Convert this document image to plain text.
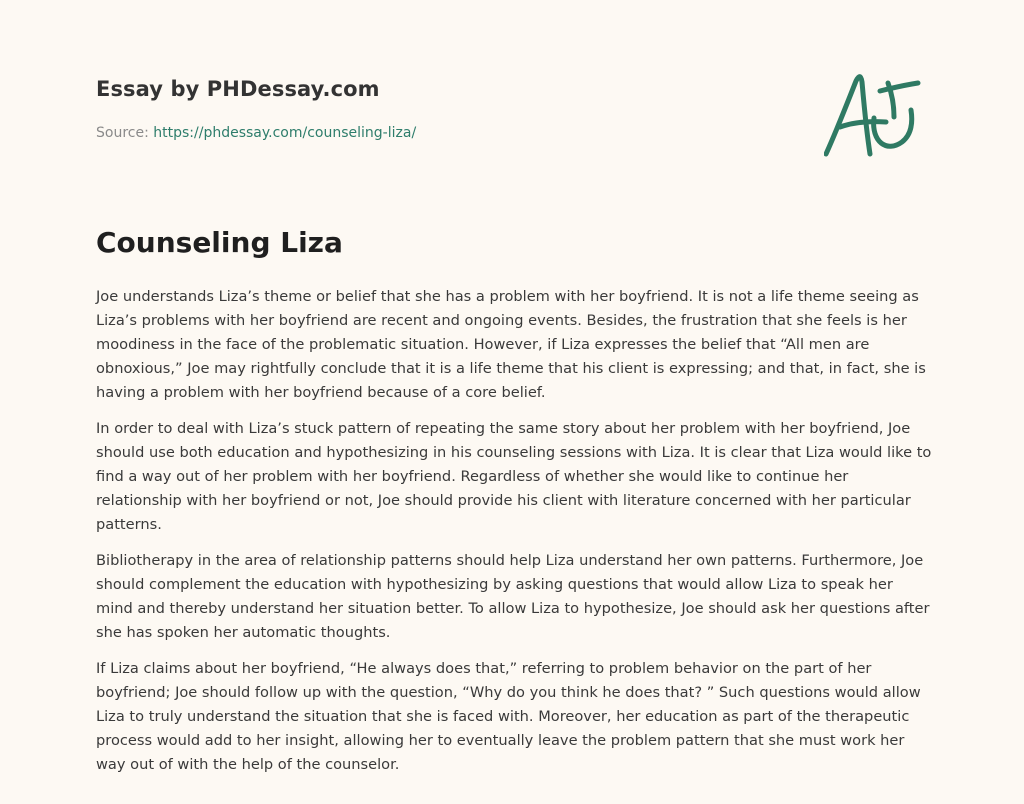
Essay by PHDessay.com
Source: https://phdessay.com/counseling-liza/
Counseling Liza

Joe understands Liza’s theme or belief that she has a problem with her boyfriend. It is not a life theme seeing as Liza’s problems with her boyfriend are recent and ongoing events. Besides, the frustration that she feels is her moodiness in the face of the problematic situation. However, if Liza expresses the belief that “All men are obnoxious,” Joe may rightfully conclude that it is a life theme that his client is expressing; and that, in fact, she is having a problem with her boyfriend because of a core belief.

In order to deal with Liza’s stuck pattern of repeating the same story about her problem with her boyfriend, Joe should use both education and hypothesizing in his counseling sessions with Liza. It is clear that Liza would like to find a way out of her problem with her boyfriend. Regardless of whether she would like to continue her relationship with her boyfriend or not, Joe should provide his client with literature concerned with her particular patterns.

Bibliotherapy in the area of relationship patterns should help Liza understand her own patterns. Furthermore, Joe should complement the education with hypothesizing by asking questions that would allow Liza to speak her mind and thereby understand her situation better. To allow Liza to hypothesize, Joe should ask her questions after she has spoken her automatic thoughts.

If Liza claims about her boyfriend, “He always does that,” referring to problem behavior on the part of her boyfriend; Joe should follow up with the question, “Why do you think he does that? ” Such questions would allow Liza to truly understand the situation that she is faced with. Moreover, her education as part of the therapeutic process would add to her insight, allowing her to eventually leave the problem pattern that she must work her way out of with the help of the counselor.
